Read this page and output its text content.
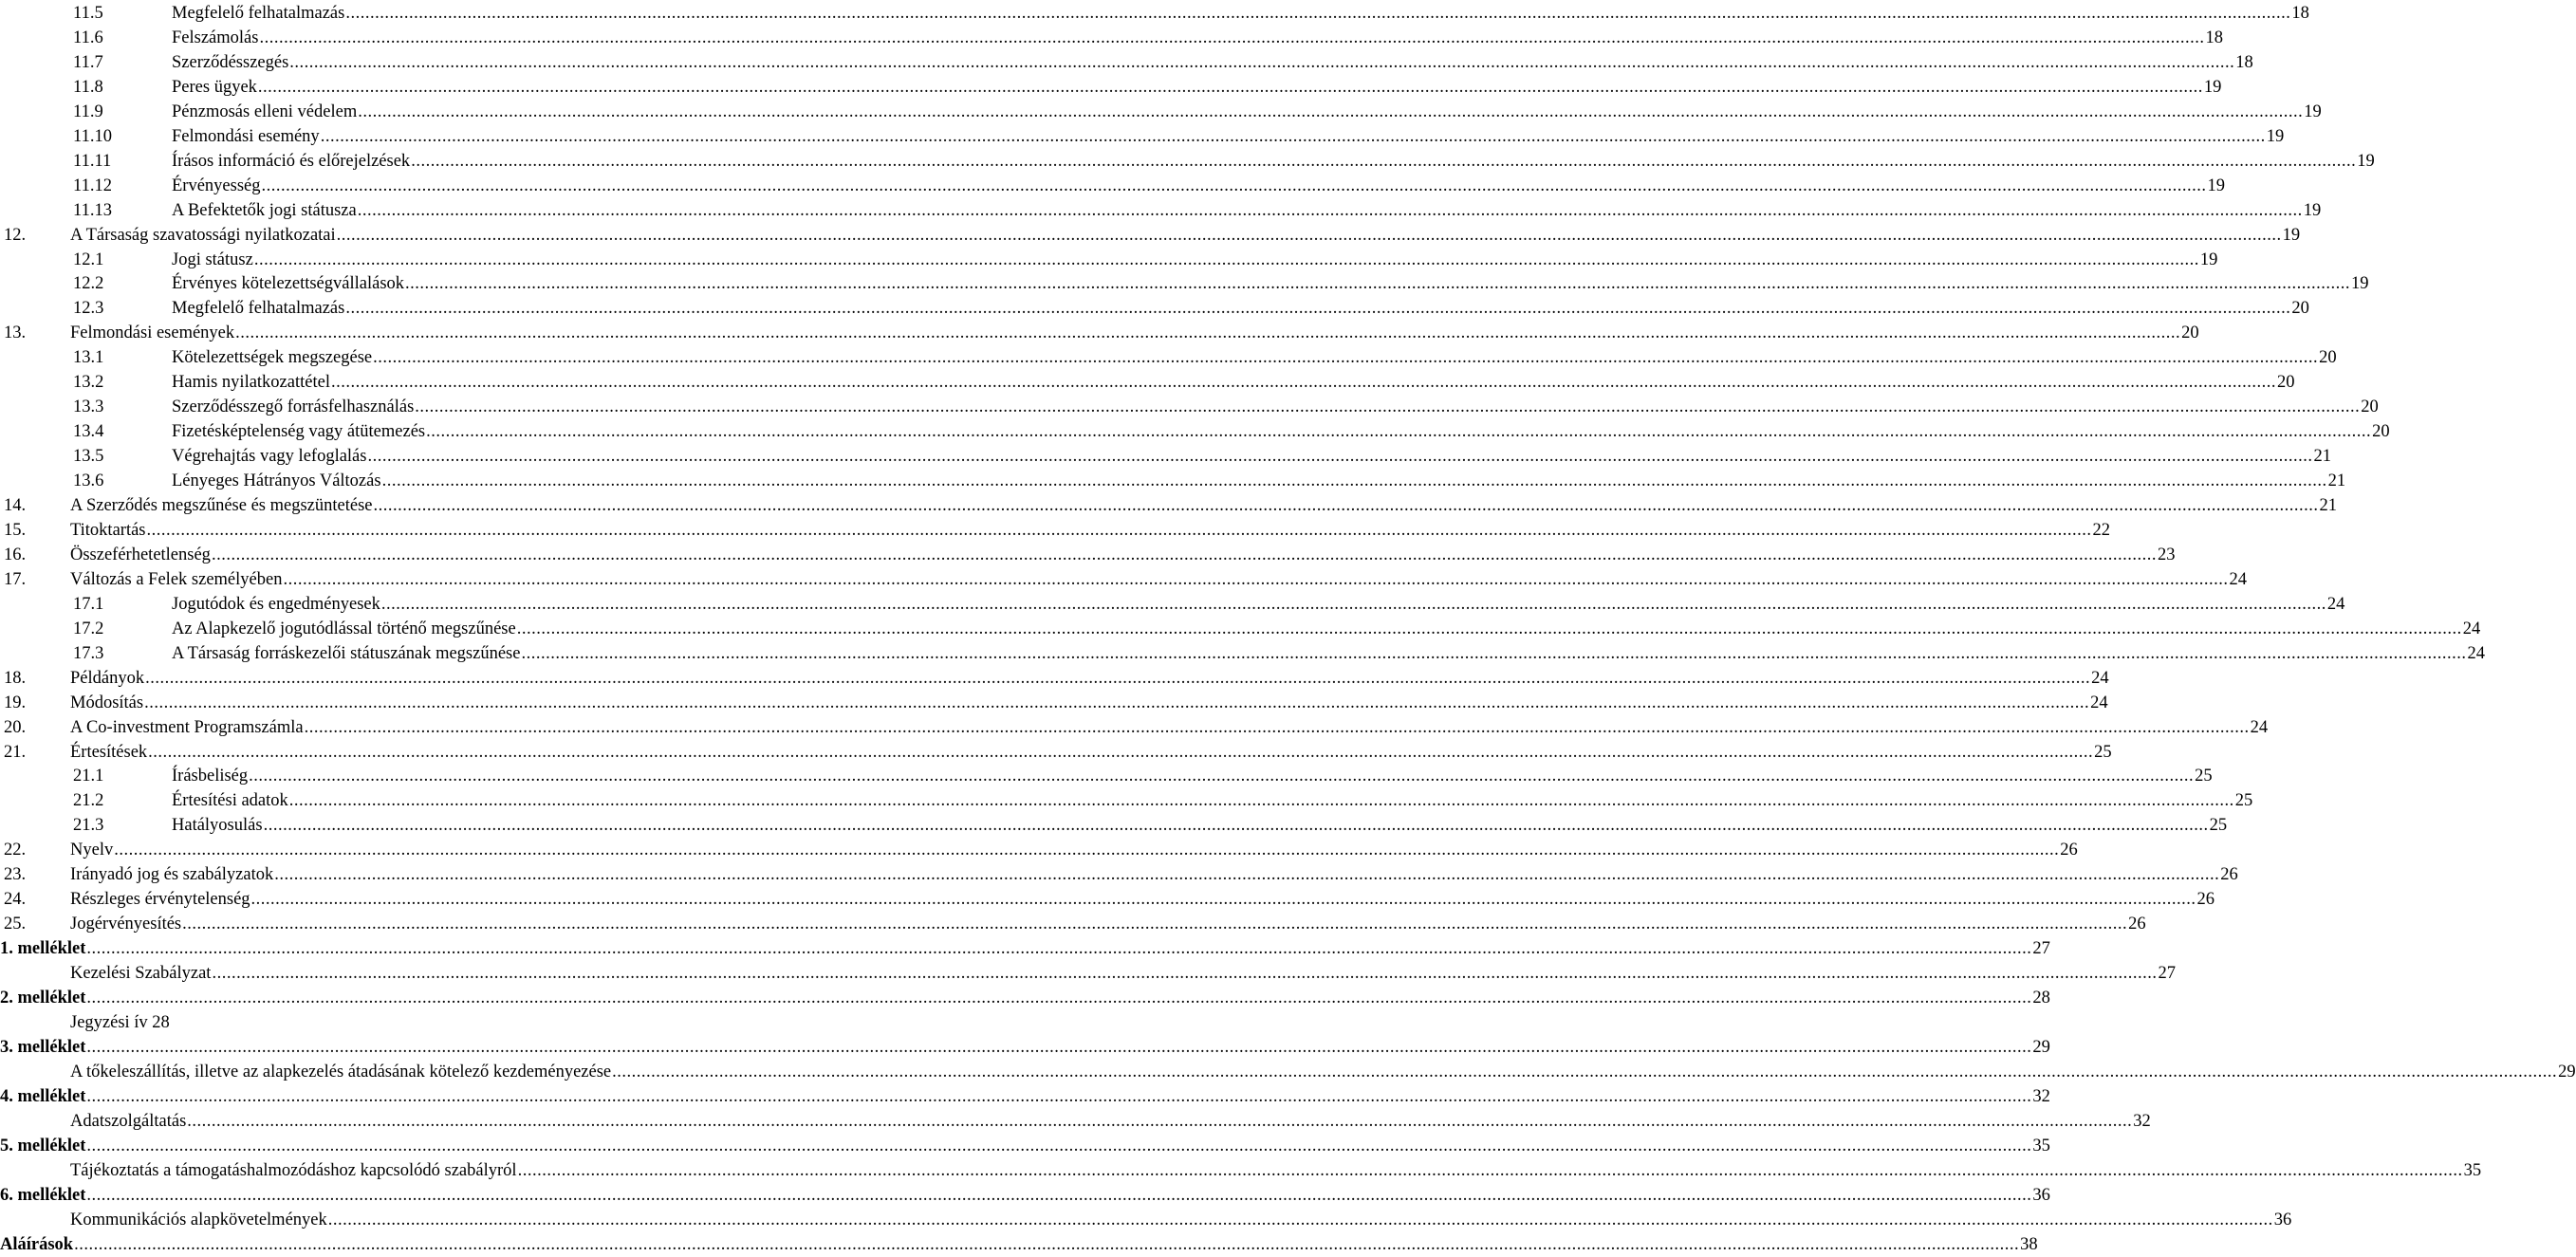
11.5	Megfelelő felhatalmazás ................................................................................................................................................................................................................................................................................................................................................................................................................ 18
11.6	Felszámolás ................................................................................................................................................................................................................................................................................................................................................................................................................ 18
11.7	Szerződésszegés ................................................................................................................................................................................................................................................................................................................................................................................................................ 18
11.8	Peres ügyek ................................................................................................................................................................................................................................................................................................................................................................................................................ 19
11.9	Pénzmosás elleni védelem ................................................................................................................................................................................................................................................................................................................................................................................................................ 19
11.10	Felmondási esemény ................................................................................................................................................................................................................................................................................................................................................................................................................ 19
11.11	Írásos információ és előrejelzések ................................................................................................................................................................................................................................................................................................................................................................................................................ 19
11.12	Érvényesség ................................................................................................................................................................................................................................................................................................................................................................................................................ 19
11.13	A Befektetők jogi státusza ................................................................................................................................................................................................................................................................................................................................................................................................................ 19
12.	A Társaság szavatossági nyilatkozatai ................................................................................................................................................................................................................................................................................................................................................................................................................ 19
12.1	Jogi státusz ................................................................................................................................................................................................................................................................................................................................................................................................................ 19
12.2	Érvényes kötelezettségvállalások ................................................................................................................................................................................................................................................................................................................................................................................................................ 19
12.3	Megfelelő felhatalmazás ................................................................................................................................................................................................................................................................................................................................................................................................................ 20
13.	Felmondási események ................................................................................................................................................................................................................................................................................................................................................................................................................ 20
13.1	Kötelezettségek megszegése ................................................................................................................................................................................................................................................................................................................................................................................................................ 20
13.2	Hamis nyilatkozattétel ................................................................................................................................................................................................................................................................................................................................................................................................................ 20
13.3	Szerződésszegő forrásfelhasználás ................................................................................................................................................................................................................................................................................................................................................................................................................ 20
13.4	Fizetésképtelenség vagy átütemezés ................................................................................................................................................................................................................................................................................................................................................................................................................ 20
13.5	Végrehajtás vagy lefoglalás ................................................................................................................................................................................................................................................................................................................................................................................................................ 21
13.6	Lényeges Hátrányos Változás ................................................................................................................................................................................................................................................................................................................................................................................................................ 21
14.	A Szerződés megszűnése és megszüntetése ................................................................................................................................................................................................................................................................................................................................................................................................................ 21
15.	Titoktartás ................................................................................................................................................................................................................................................................................................................................................................................................................ 22
16.	Összeférhetetlenség ................................................................................................................................................................................................................................................................................................................................................................................................................ 23
17.	Változás a Felek személyében ................................................................................................................................................................................................................................................................................................................................................................................................................ 24
17.1	Jogutódok és engedményesek ................................................................................................................................................................................................................................................................................................................................................................................................................ 24
17.2	Az Alapkezelő jogutódlással történő megszűnése ................................................................................................................................................................................................................................................................................................................................................................................................................ 24
17.3	A Társaság forráskezelői státuszának megszűnése ................................................................................................................................................................................................................................................................................................................................................................................................................ 24
18.	Példányok ................................................................................................................................................................................................................................................................................................................................................................................................................ 24
19.	Módosítás ................................................................................................................................................................................................................................................................................................................................................................................................................ 24
20.	A Co-investment Programszámla ................................................................................................................................................................................................................................................................................................................................................................................................................ 24
21.	Értesítések ................................................................................................................................................................................................................................................................................................................................................................................................................ 25
21.1	Írásbeliség ................................................................................................................................................................................................................................................................................................................................................................................................................ 25
21.2	Értesítési adatok ................................................................................................................................................................................................................................................................................................................................................................................................................ 25
21.3	Hatályosulás ................................................................................................................................................................................................................................................................................................................................................................................................................ 25
22.	Nyelv ................................................................................................................................................................................................................................................................................................................................................................................................................ 26
23.	Irányadó jog és szabályzatok ................................................................................................................................................................................................................................................................................................................................................................................................................ 26
24.	Részleges érvénytelenség ................................................................................................................................................................................................................................................................................................................................................................................................................ 26
25.	Jogérvényesítés ................................................................................................................................................................................................................................................................................................................................................................................................................ 26
1. melléklet ................................................................................................................................................................................................................................................................................................................................................................................................................ 27
Kezelési Szabályzat ................................................................................................................................................................................................................................................................................................................................................................................................................ 27
2. melléklet ................................................................................................................................................................................................................................................................................................................................................................................................................ 28
Jegyzési ív 28
3. melléklet ................................................................................................................................................................................................................................................................................................................................................................................................................ 29
A tőkeleszállítás, illetve az alapkezelés átadásának kötelező kezdeményezése ................................................................................................................................................................................................................................................................................................................................................................................................................ 29
4. melléklet ................................................................................................................................................................................................................................................................................................................................................................................................................ 32
Adatszolgáltatás ................................................................................................................................................................................................................................................................................................................................................................................................................ 32
5. melléklet ................................................................................................................................................................................................................................................................................................................................................................................................................ 35
Tájékoztatás a támogatáshalmozódáshoz kapcsolódó szabályról ................................................................................................................................................................................................................................................................................................................................................................................................................ 35
6. melléklet ................................................................................................................................................................................................................................................................................................................................................................................................................ 36
Kommunikációs alapkövetelmények ................................................................................................................................................................................................................................................................................................................................................................................................................ 36
Aláírások ................................................................................................................................................................................................................................................................................................................................................................................................................ 38
